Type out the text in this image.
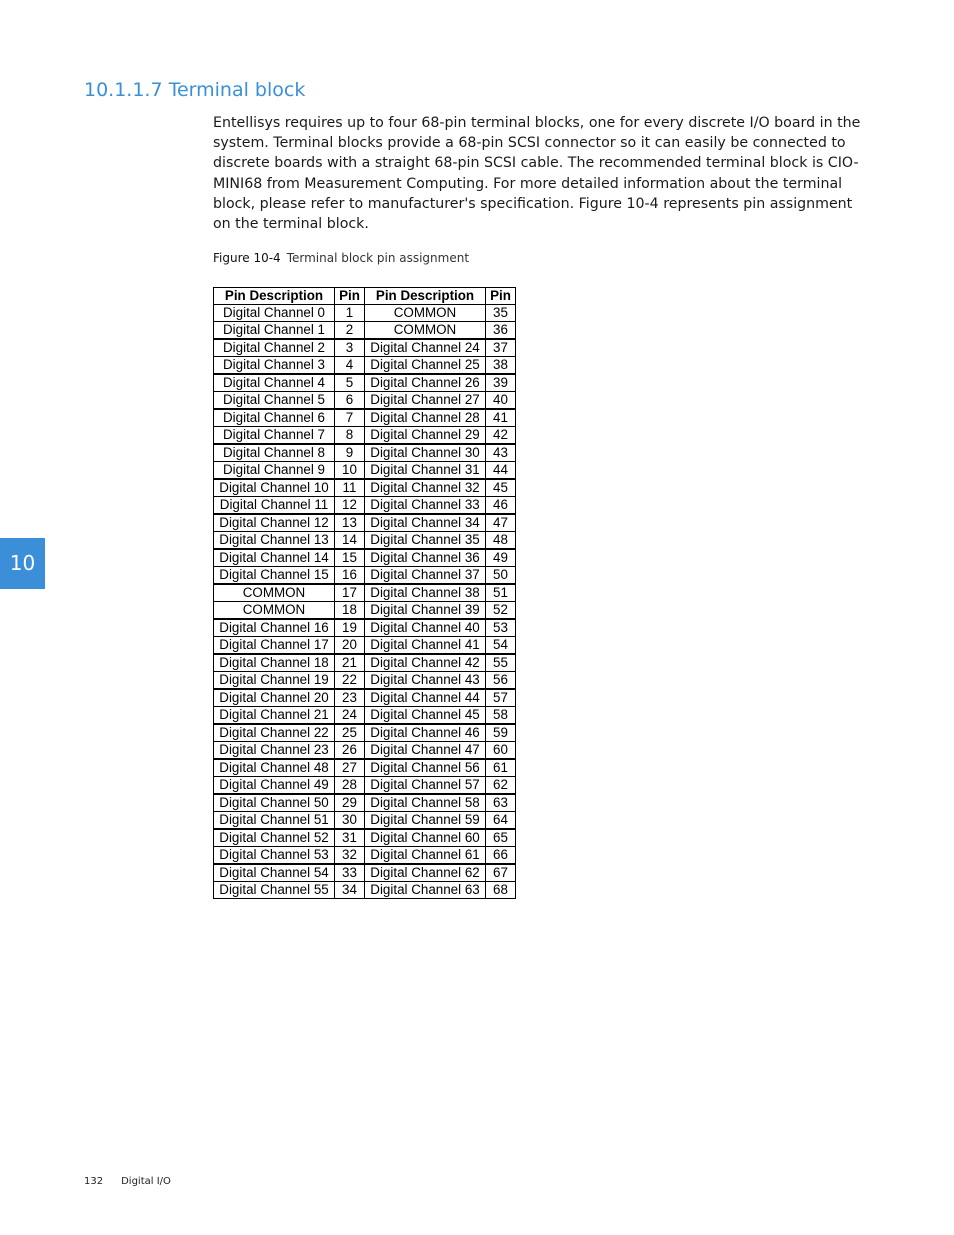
10.1.1.7 Terminal block

Entellisys requires up to four 68-pin terminal blocks, one for every discrete I/O board in the system. Terminal blocks provide a 68-pin SCSI connector so it can easily be connected to discrete boards with a straight 68-pin SCSI cable. The recommended terminal block is CIO-MINI68 from Measurement Computing. For more detailed information about the terminal block, please refer to manufacturer's specification. Figure 10-4 represents pin assignment on the terminal block.

Figure 10-4 Terminal block pin assignment
Pin Description	Pin	Pin Description	Pin
Digital Channel 0	1	COMMON	35
Digital Channel 1	2	COMMON	36
Digital Channel 2	3	Digital Channel 24	37
Digital Channel 3	4	Digital Channel 25	38
Digital Channel 4	5	Digital Channel 26	39
Digital Channel 5	6	Digital Channel 27	40
Digital Channel 6	7	Digital Channel 28	41
Digital Channel 7	8	Digital Channel 29	42
Digital Channel 8	9	Digital Channel 30	43
Digital Channel 9	10	Digital Channel 31	44
Digital Channel 10	11	Digital Channel 32	45
Digital Channel 11	12	Digital Channel 33	46
Digital Channel 12	13	Digital Channel 34	47
Digital Channel 13	14	Digital Channel 35	48
Digital Channel 14	15	Digital Channel 36	49
Digital Channel 15	16	Digital Channel 37	50
COMMON	17	Digital Channel 38	51
COMMON	18	Digital Channel 39	52
Digital Channel 16	19	Digital Channel 40	53
Digital Channel 17	20	Digital Channel 41	54
Digital Channel 18	21	Digital Channel 42	55
Digital Channel 19	22	Digital Channel 43	56
Digital Channel 20	23	Digital Channel 44	57
Digital Channel 21	24	Digital Channel 45	58
Digital Channel 22	25	Digital Channel 46	59
Digital Channel 23	26	Digital Channel 47	60
Digital Channel 48	27	Digital Channel 56	61
Digital Channel 49	28	Digital Channel 57	62
Digital Channel 50	29	Digital Channel 58	63
Digital Channel 51	30	Digital Channel 59	64
Digital Channel 52	31	Digital Channel 60	65
Digital Channel 53	32	Digital Channel 61	66
Digital Channel 54	33	Digital Channel 62	67
Digital Channel 55	34	Digital Channel 63	68
10
132 Digital I/O
